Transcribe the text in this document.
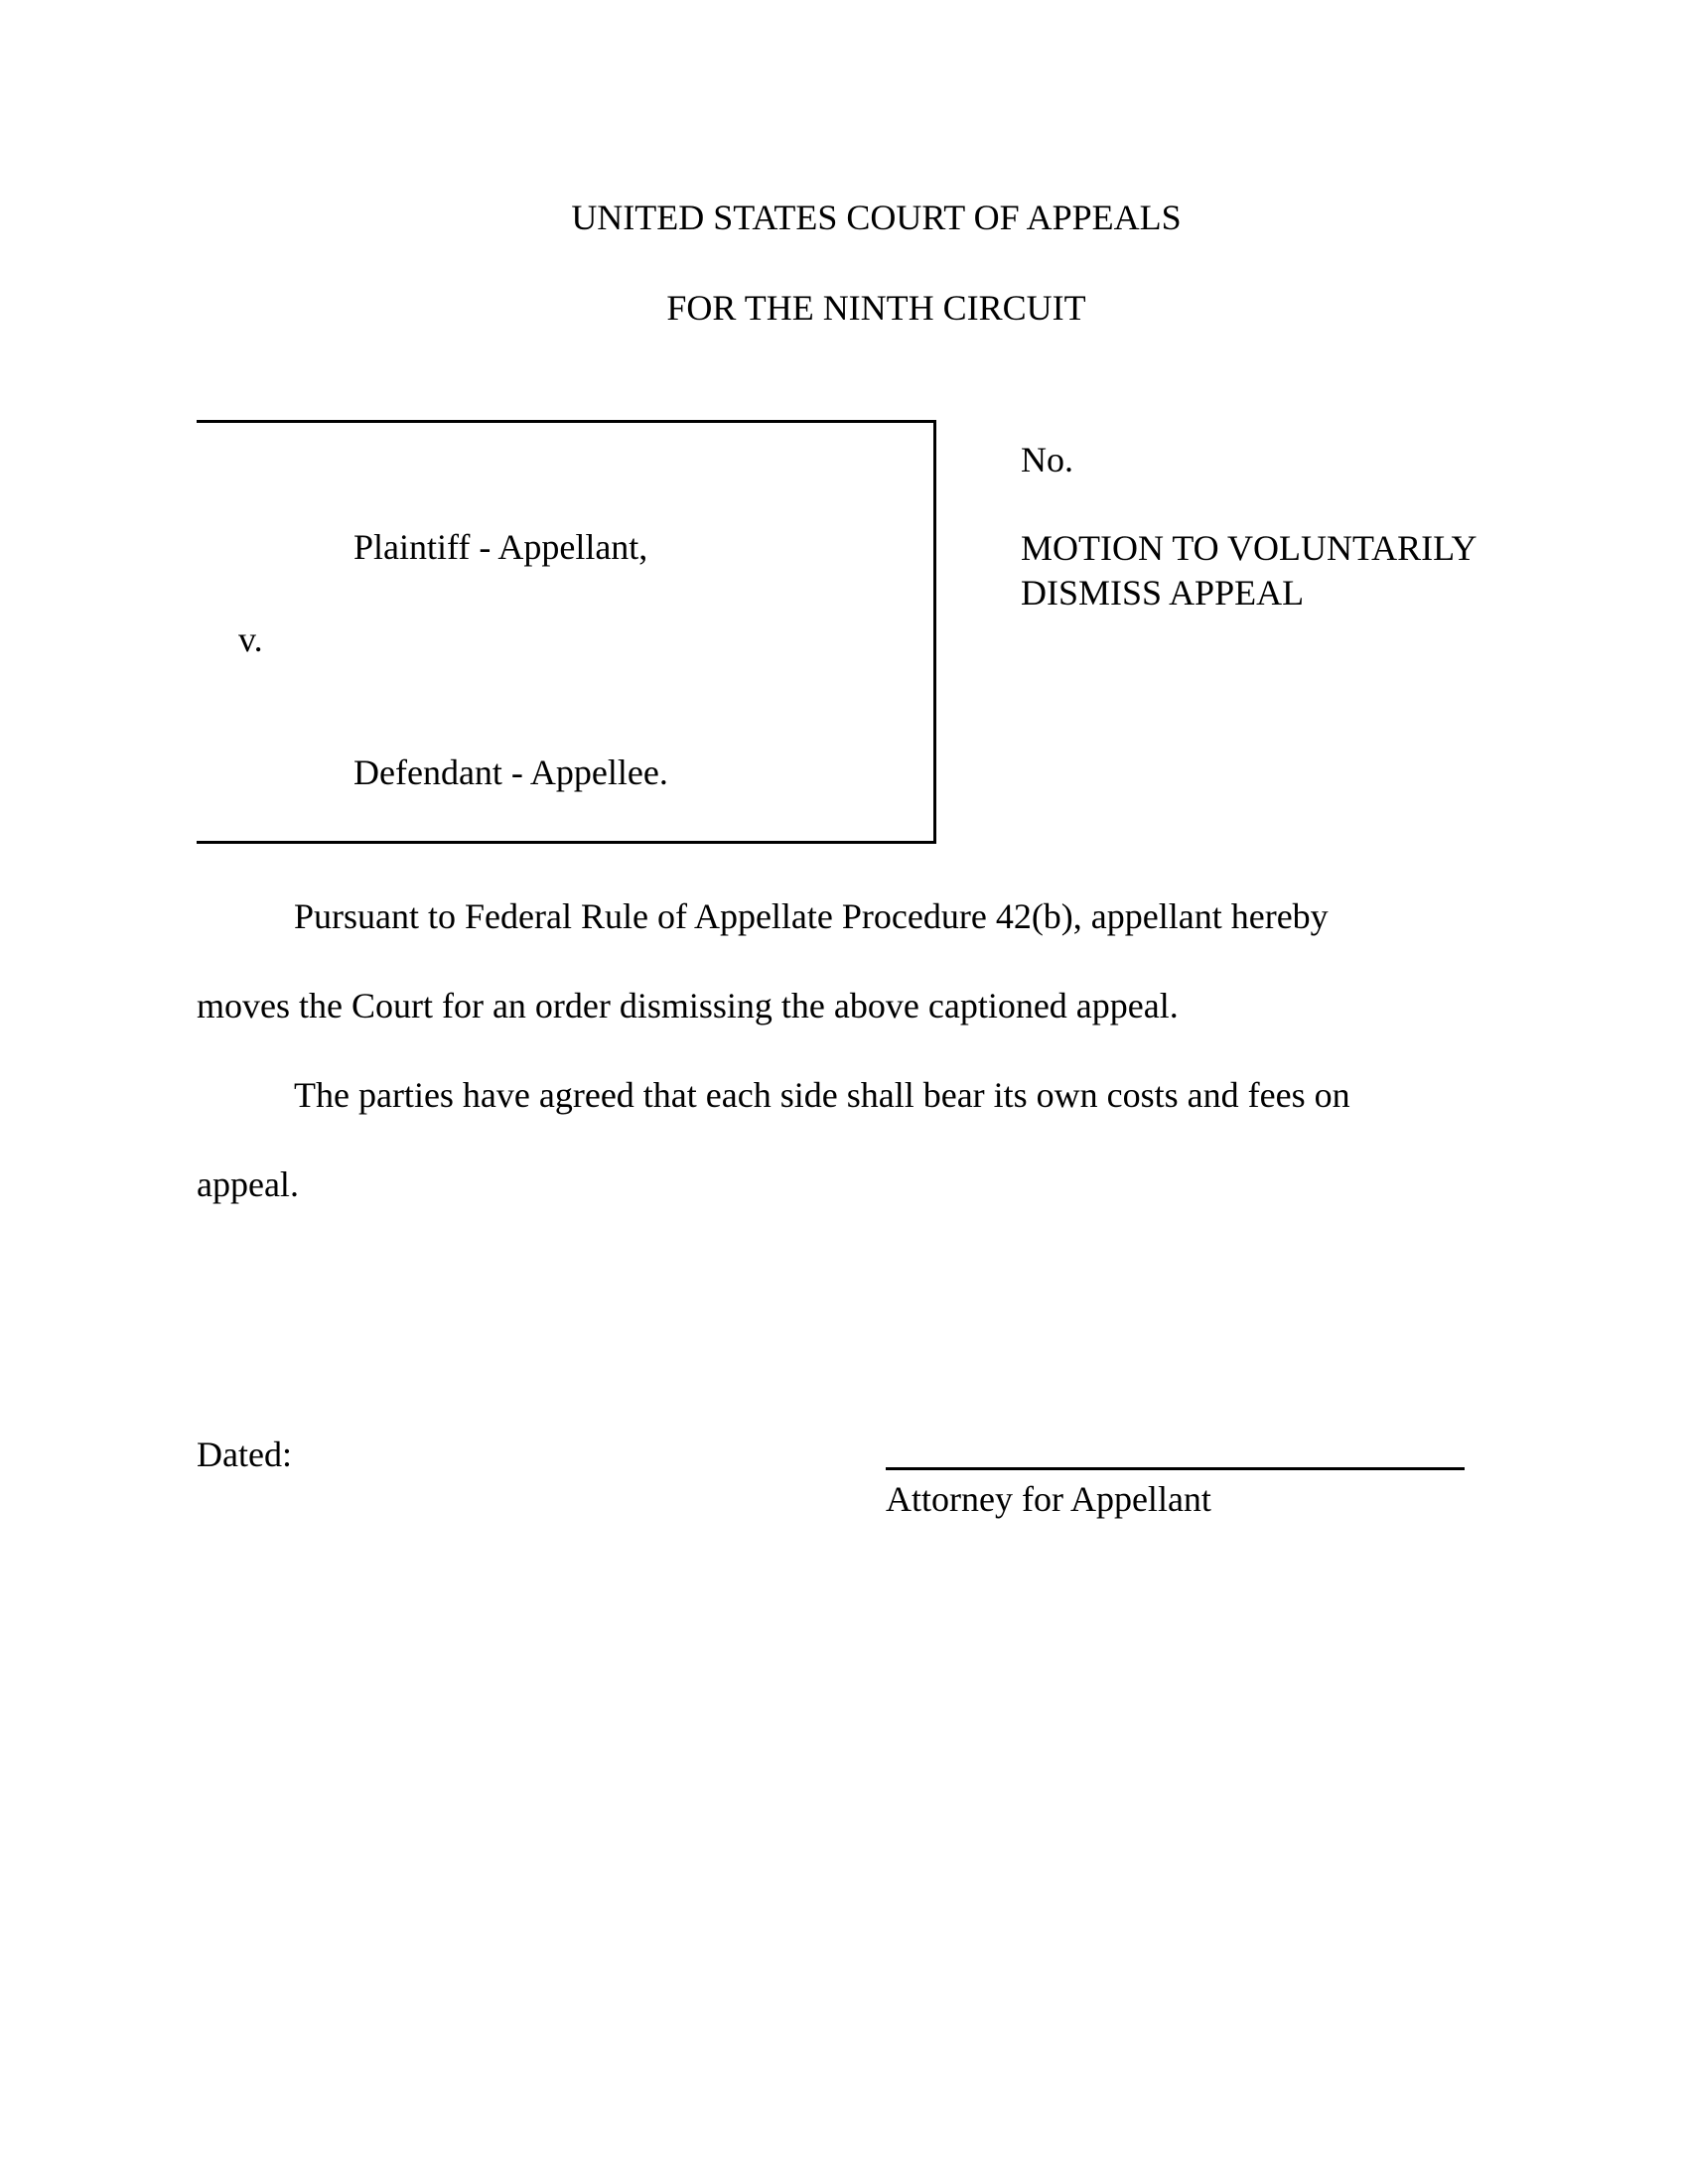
UNITED STATES COURT OF APPEALS

FOR THE NINTH CIRCUIT

Plaintiff - Appellant,

v.

Defendant - Appellee.

No.

MOTION TO VOLUNTARILY

DISMISS APPEAL

Pursuant to Federal Rule of Appellate Procedure 42(b), appellant hereby

moves the Court for an order dismissing the above captioned appeal.

The parties have agreed that each side shall bear its own costs and fees on

appeal.

Dated:

Attorney for Appellant
